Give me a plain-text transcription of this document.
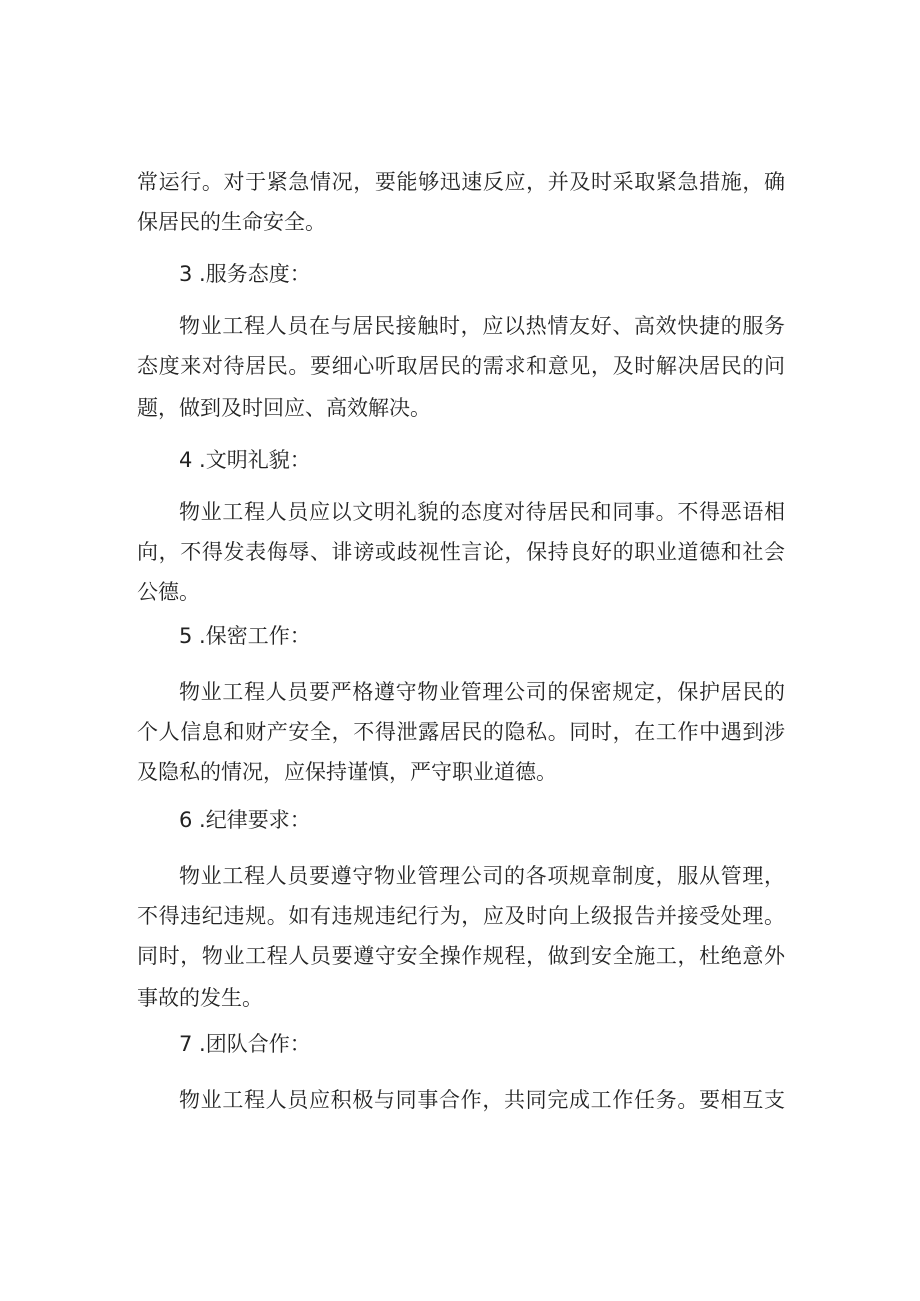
常运行。对于紧急情况，要能够迅速反应，并及时采取紧急措施，确
保居民的生命安全。
3 .服务态度：
物业工程人员在与居民接触时，应以热情友好、高效快捷的服务
态度来对待居民。要细心听取居民的需求和意见，及时解决居民的问
题，做到及时回应、高效解决。
4 .文明礼貌：
物业工程人员应以文明礼貌的态度对待居民和同事。不得恶语相
向，不得发表侮辱、诽谤或歧视性言论，保持良好的职业道德和社会
公德。
5 .保密工作：
物业工程人员要严格遵守物业管理公司的保密规定，保护居民的
个人信息和财产安全，不得泄露居民的隐私。同时，在工作中遇到涉
及隐私的情况，应保持谨慎，严守职业道德。
6 .纪律要求：
物业工程人员要遵守物业管理公司的各项规章制度，服从管理，
不得违纪违规。如有违规违纪行为，应及时向上级报告并接受处理。
同时，物业工程人员要遵守安全操作规程，做到安全施工，杜绝意外
事故的发生。
7 .团队合作：
物业工程人员应积极与同事合作，共同完成工作任务。要相互支
